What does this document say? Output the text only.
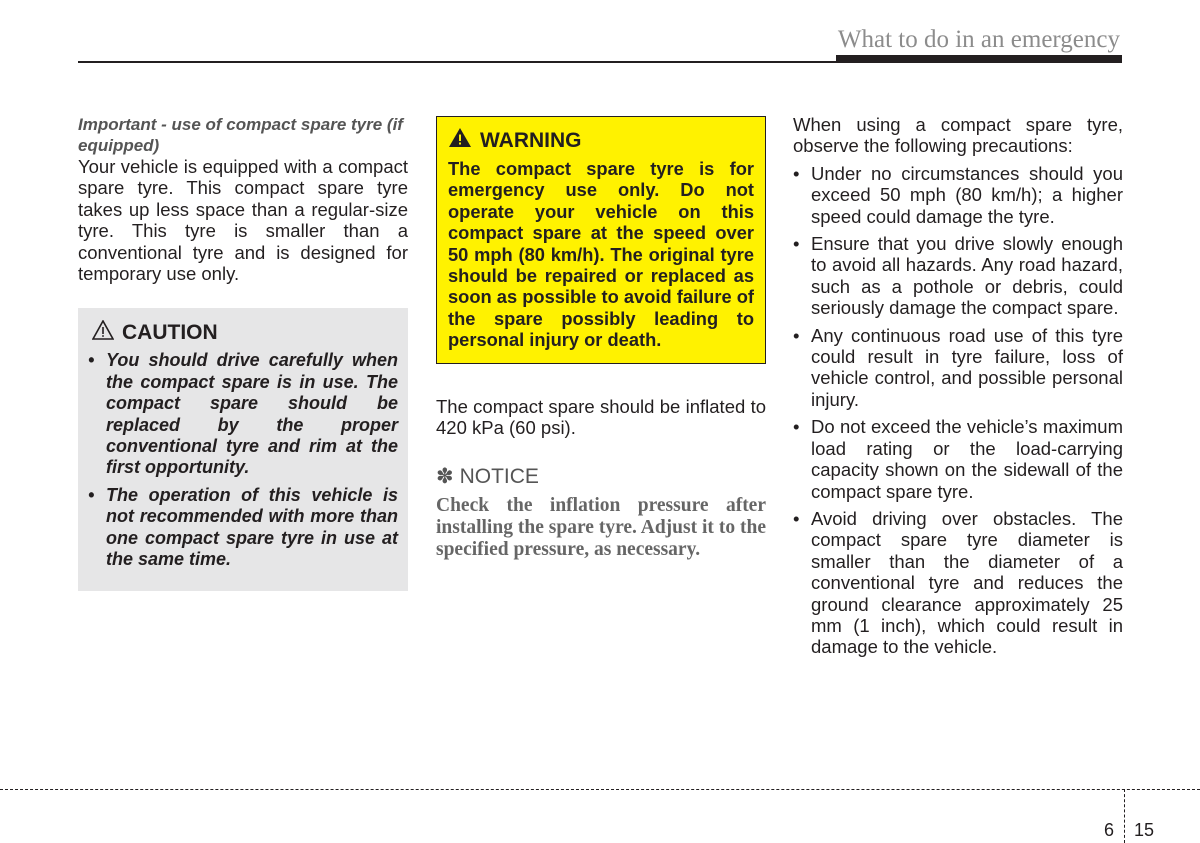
What to do in an emergency
Important - use of compact spare tyre (if equipped)

Your vehicle is equipped with a compact spare tyre. This compact spare tyre takes up less space than a regular-size tyre. This tyre is smaller than a conventional tyre and is designed for temporary use only.

CAUTION
• You should drive carefully when the compact spare is in use. The compact spare should be replaced by the proper conventional tyre and rim at the first opportunity.
• The operation of this vehicle is not recommended with more than one compact spare tyre in use at the same time.
WARNING

The compact spare tyre is for emergency use only. Do not operate your vehicle on this compact spare at the speed over 50 mph (80 km/h). The original tyre should be repaired or replaced as soon as possible to avoid failure of the spare possibly leading to personal injury or death.

The compact spare should be inflated to 420 kPa (60 psi).

✽ NOTICE
Check the inflation pressure after installing the spare tyre. Adjust it to the specified pressure, as necessary.

When using a compact spare tyre, observe the following precautions:

• Under no circumstances should you exceed 50 mph (80 km/h); a higher speed could damage the tyre.
• Ensure that you drive slowly enough to avoid all hazards. Any road hazard, such as a pothole or debris, could seriously damage the compact spare.
• Any continuous road use of this tyre could result in tyre failure, loss of vehicle control, and possible personal injury.
• Do not exceed the vehicle’s maximum load rating or the load-carrying capacity shown on the sidewall of the compact spare tyre.
• Avoid driving over obstacles. The compact spare tyre diameter is smaller than the diameter of a conventional tyre and reduces the ground clearance approximately 25 mm (1 inch), which could result in damage to the vehicle.
6 15
